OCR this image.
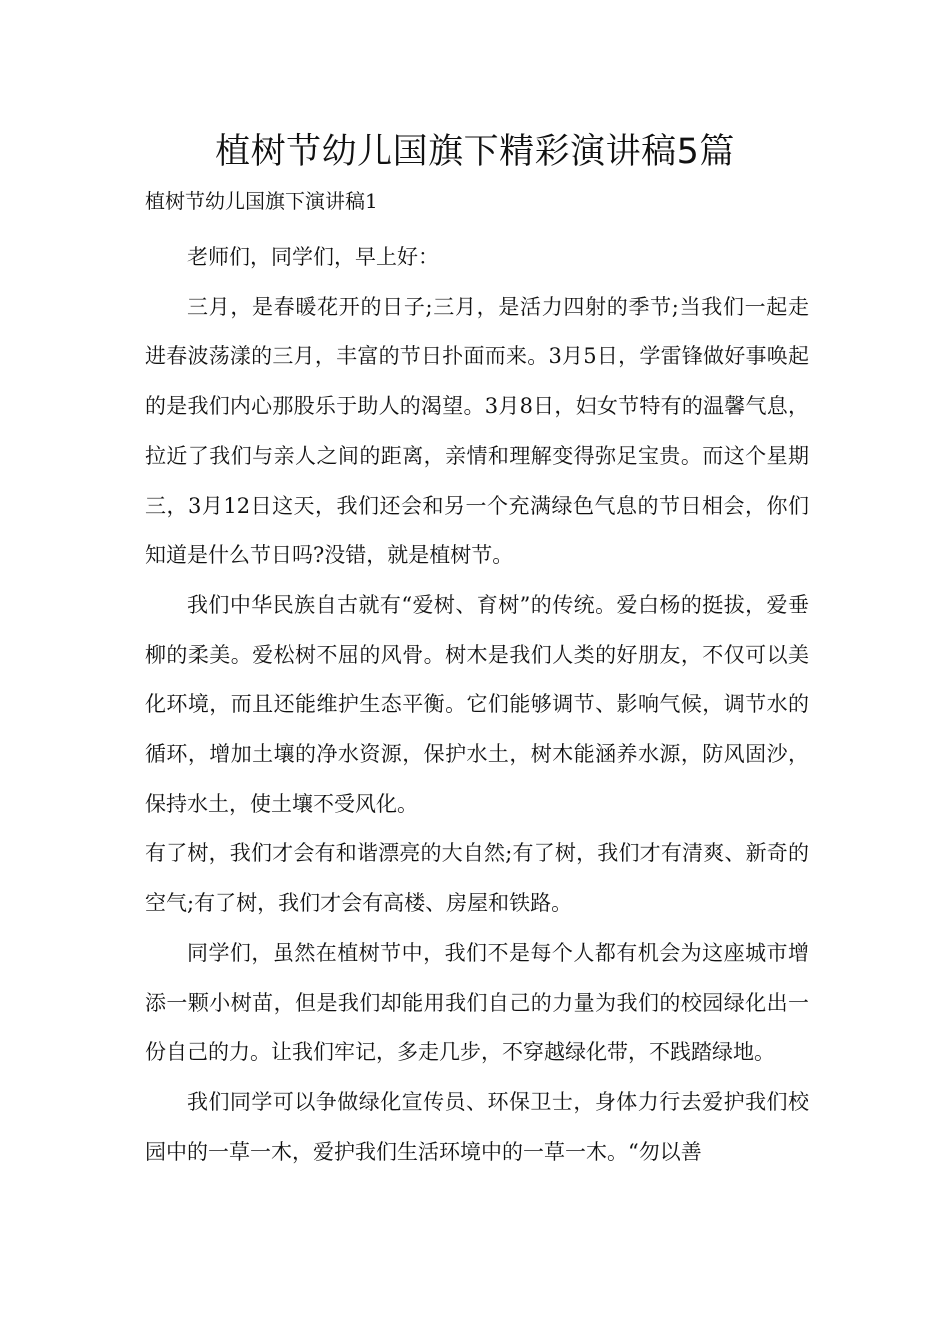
植树节幼儿国旗下精彩演讲稿5篇

植树节幼儿国旗下演讲稿1

老师们，同学们，早上好：

三月，是春暖花开的日子;三月，是活力四射的季节;当我们一起走进春波荡漾的三月，丰富的节日扑面而来。3月5日，学雷锋做好事唤起的是我们内心那股乐于助人的渴望。3月8日，妇女节特有的温馨气息，拉近了我们与亲人之间的距离，亲情和理解变得弥足宝贵。而这个星期三，3月12日这天，我们还会和另一个充满绿色气息的节日相会，你们知道是什么节日吗?没错，就是植树节。

我们中华民族自古就有“爱树、育树”的传统。爱白杨的挺拔，爱垂柳的柔美。爱松树不屈的风骨。树木是我们人类的好朋友，不仅可以美化环境，而且还能维护生态平衡。它们能够调节、影响气候，调节水的循环，增加土壤的净水资源，保护水土，树木能涵养水源，防风固沙，保持水土，使土壤不受风化。

有了树，我们才会有和谐漂亮的大自然;有了树，我们才有清爽、新奇的空气;有了树，我们才会有高楼、房屋和铁路。

同学们，虽然在植树节中，我们不是每个人都有机会为这座城市增添一颗小树苗，但是我们却能用我们自己的力量为我们的校园绿化出一份自己的力。让我们牢记，多走几步，不穿越绿化带，不践踏绿地。

我们同学可以争做绿化宣传员、环保卫士，身体力行去爱护我们校园中的一草一木，爱护我们生活环境中的一草一木。“勿以善
